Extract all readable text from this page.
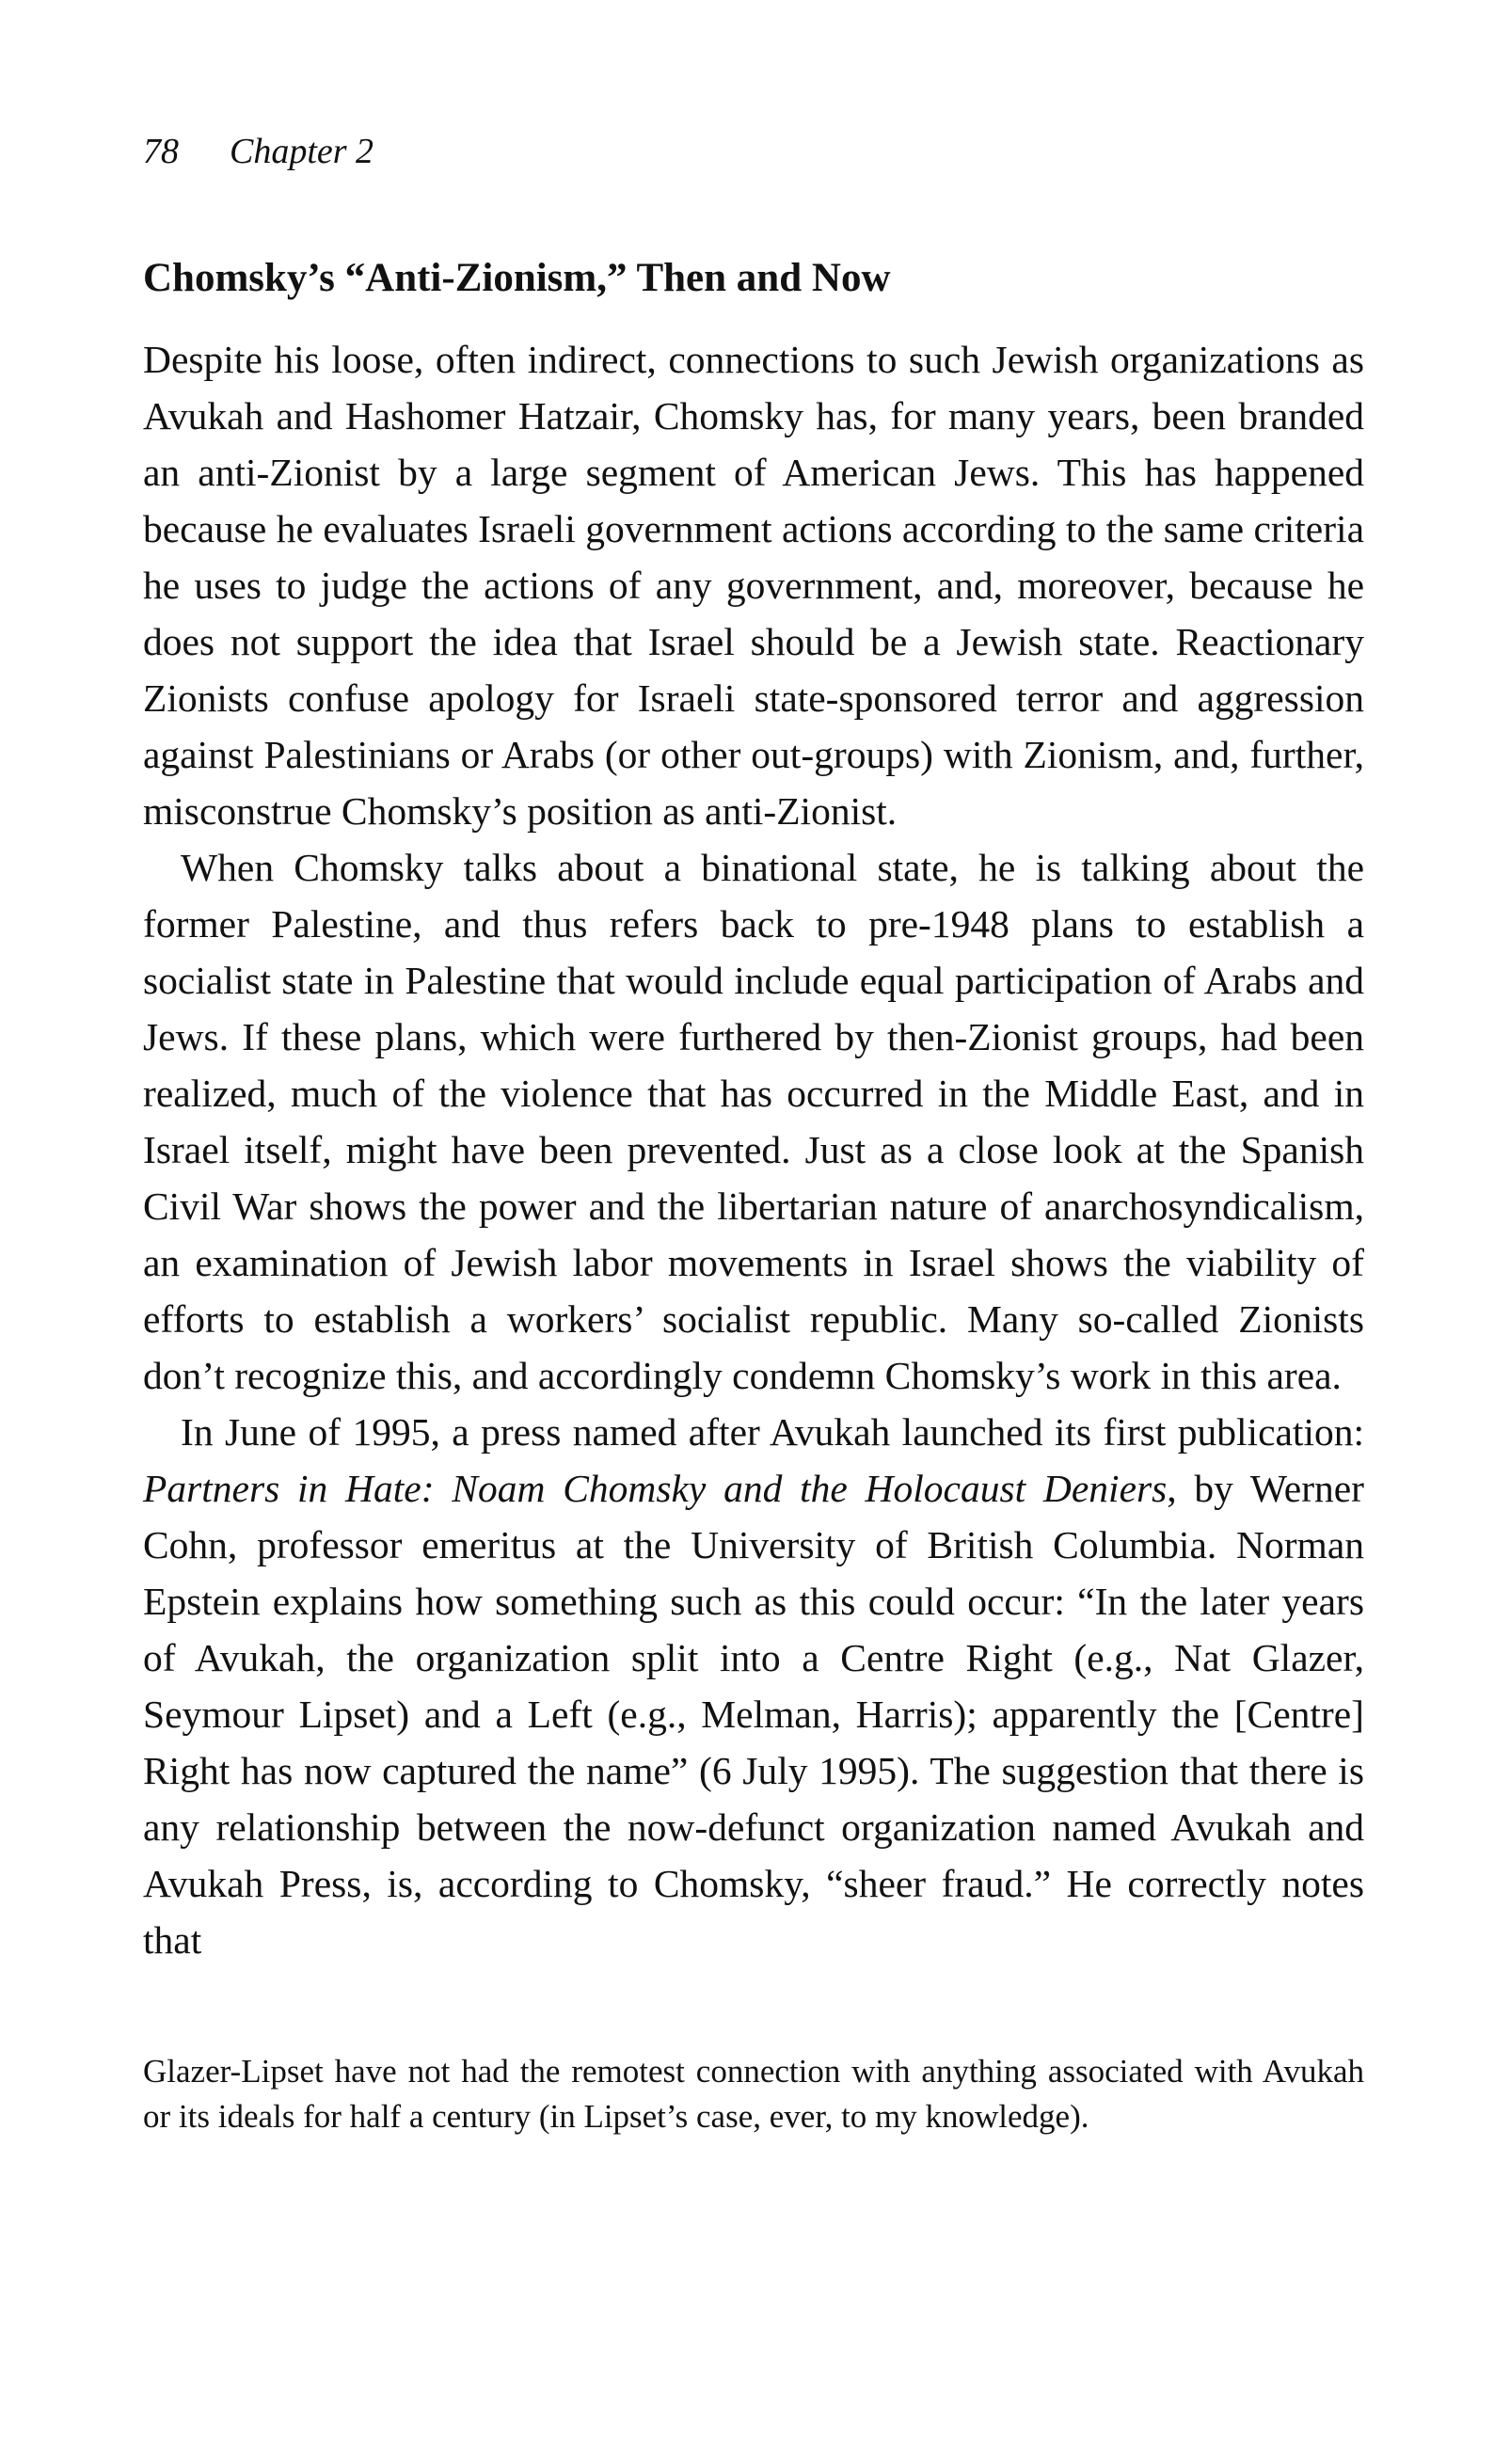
78 Chapter 2
Chomsky’s “Anti-Zionism,” Then and Now

Despite his loose, often indirect, connections to such Jewish organizations as Avukah and Hashomer Hatzair, Chomsky has, for many years, been branded an anti-Zionist by a large segment of American Jews. This has happened because he evaluates Israeli government actions according to the same criteria he uses to judge the actions of any government, and, moreover, because he does not support the idea that Israel should be a Jewish state. Reactionary Zionists confuse apology for Israeli state-sponsored terror and aggression against Palestinians or Arabs (or other out-groups) with Zionism, and, further, misconstrue Chomsky’s position as anti-Zionist.

When Chomsky talks about a binational state, he is talking about the former Palestine, and thus refers back to pre-1948 plans to establish a socialist state in Palestine that would include equal participation of Arabs and Jews. If these plans, which were furthered by then-Zionist groups, had been realized, much of the violence that has occurred in the Middle East, and in Israel itself, might have been prevented. Just as a close look at the Spanish Civil War shows the power and the libertarian nature of anarchosyndicalism, an examination of Jewish labor movements in Israel shows the viability of efforts to establish a workers’ socialist republic. Many so-called Zionists don’t recognize this, and accordingly condemn Chomsky’s work in this area.

In June of 1995, a press named after Avukah launched its first publication: Partners in Hate: Noam Chomsky and the Holocaust Deniers, by Werner Cohn, professor emeritus at the University of British Columbia. Norman Epstein explains how something such as this could occur: “In the later years of Avukah, the organization split into a Centre Right (e.g., Nat Glazer, Seymour Lipset) and a Left (e.g., Melman, Harris); apparently the [Centre] Right has now captured the name” (6 July 1995). The suggestion that there is any relationship between the now-defunct organization named Avukah and Avukah Press, is, according to Chomsky, “sheer fraud.” He correctly notes that

Glazer-Lipset have not had the remotest connection with anything associated with Avukah or its ideals for half a century (in Lipset’s case, ever, to my knowledge).
